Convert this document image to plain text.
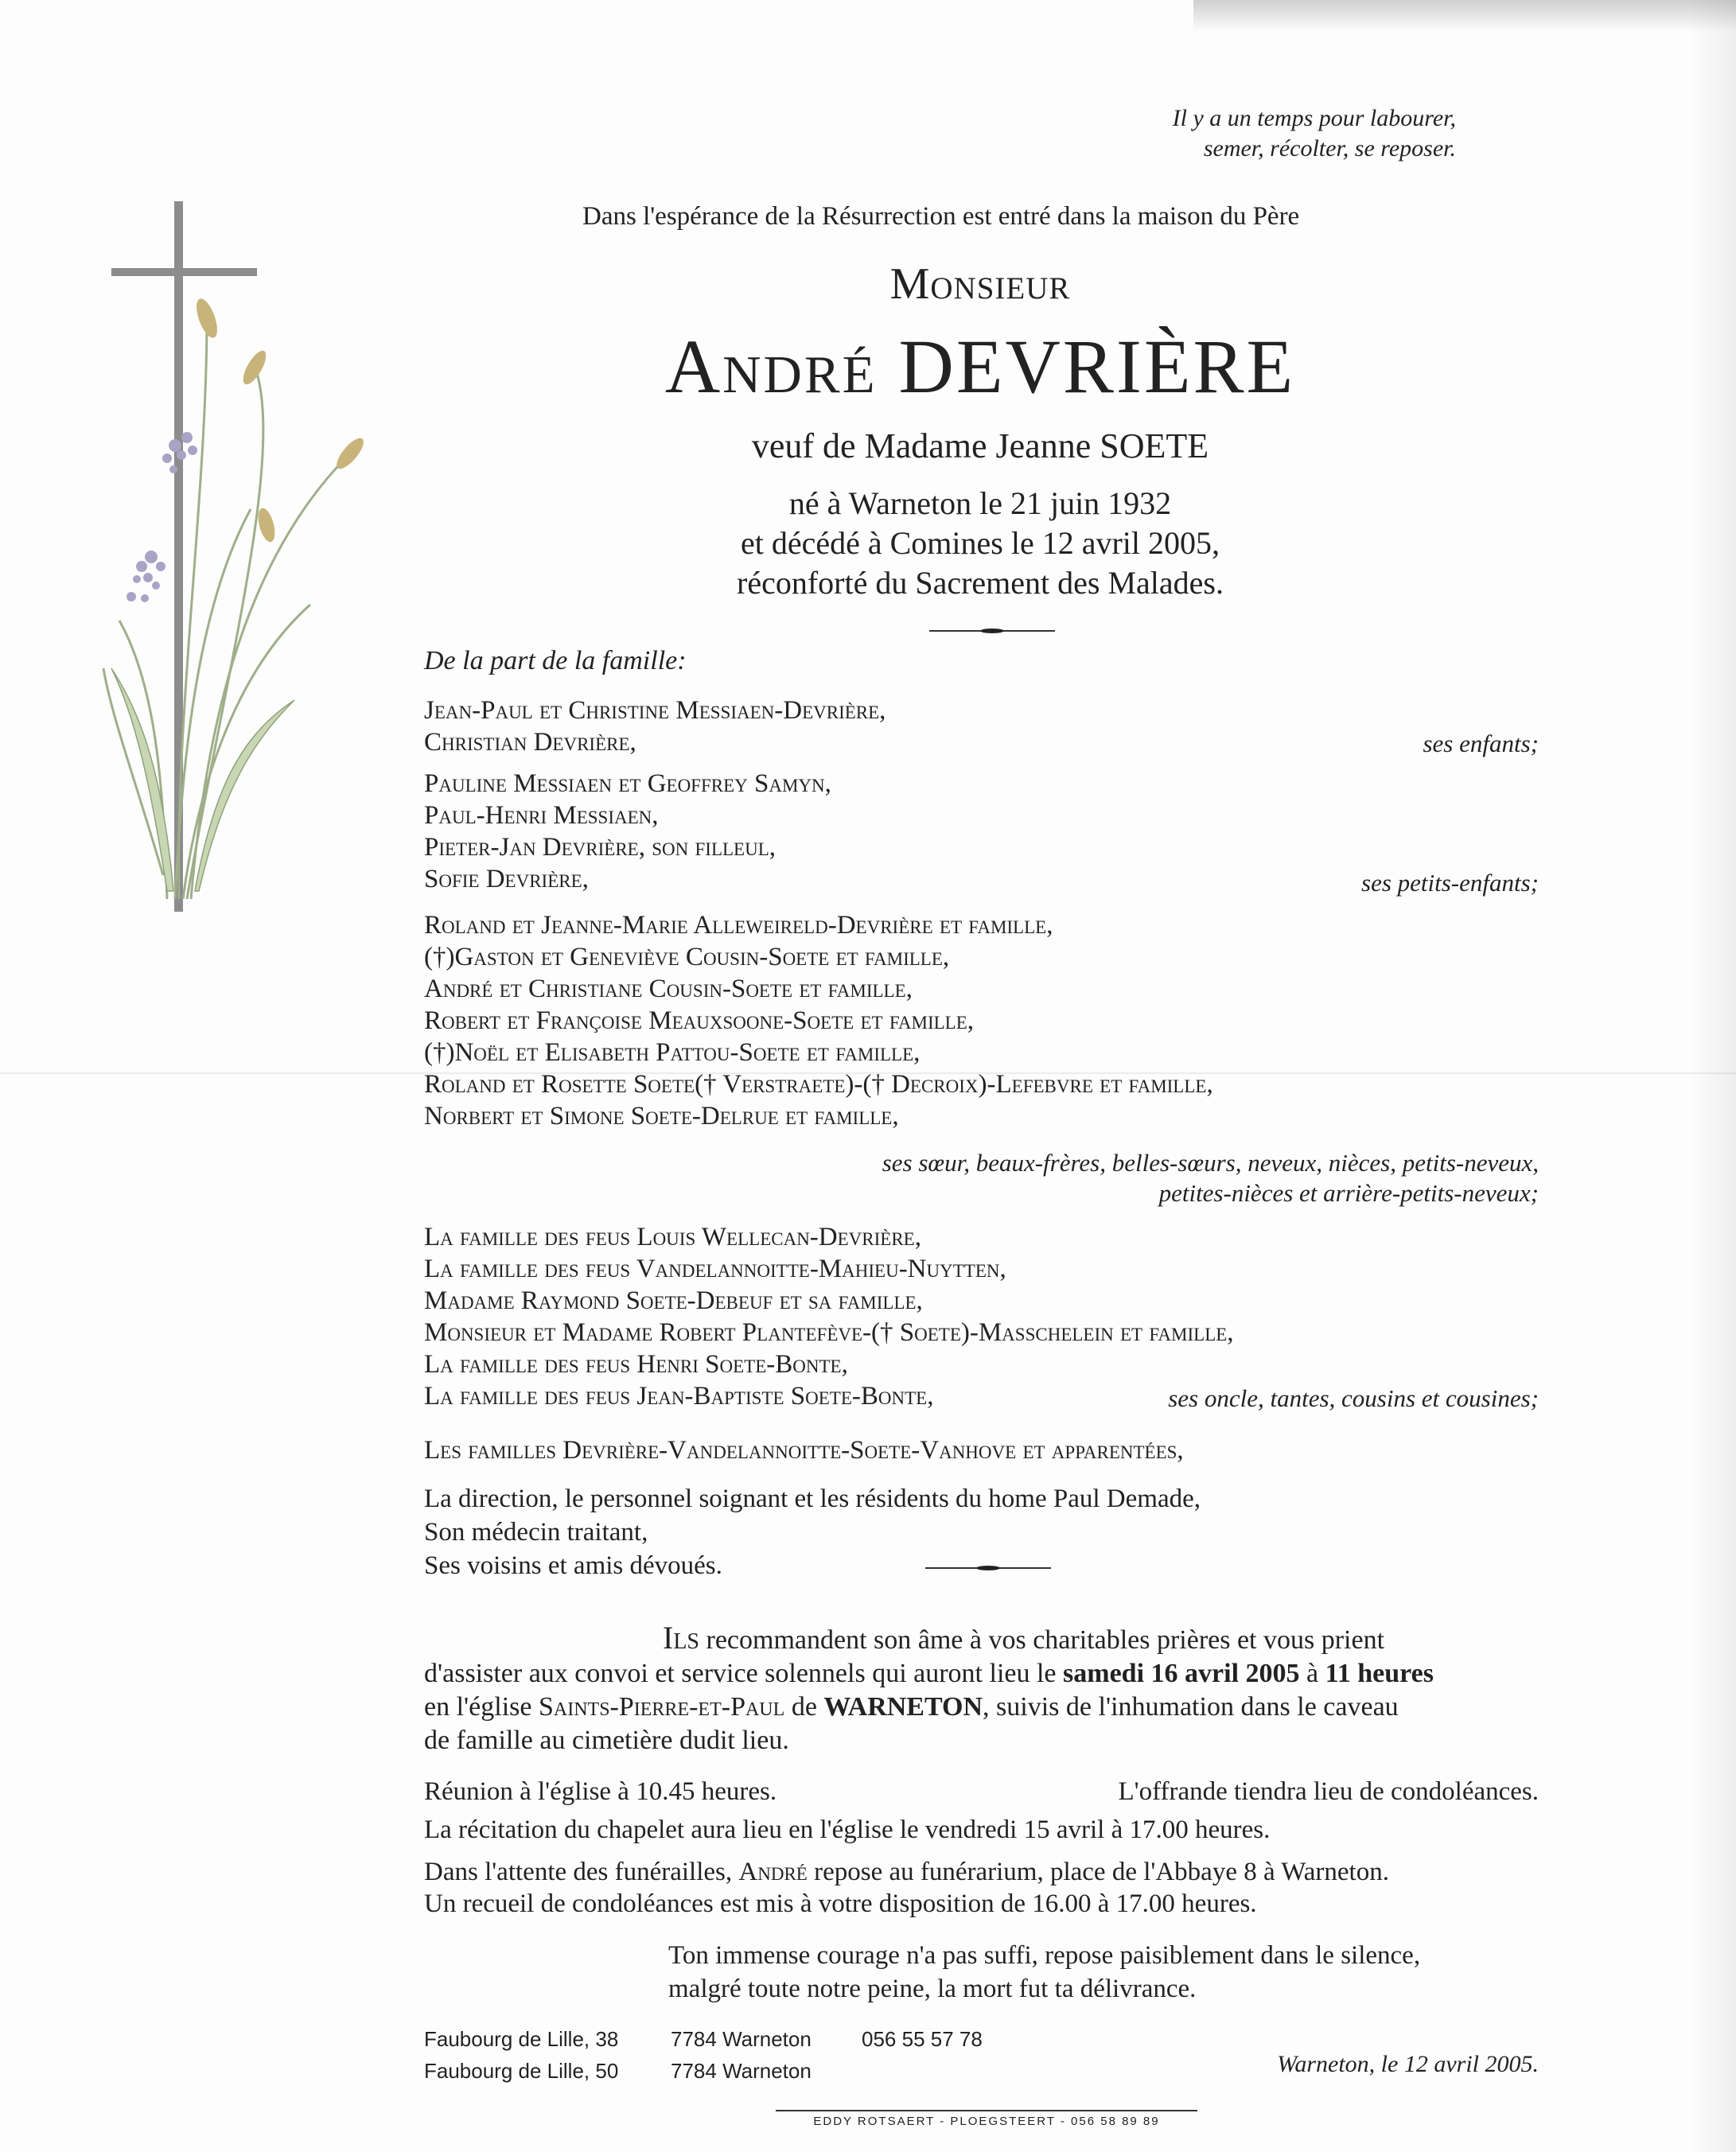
Il y a un temps pour labourer,
semer, récolter, se reposer.
Dans l'espérance de la Résurrection est entré dans la maison du Père
Monsieur
André DEVRIÈRE
veuf de Madame Jeanne SOETE
né à Warneton le 21 juin 1932
et décédé à Comines le 12 avril 2005,
réconforté du Sacrement des Malades.
De la part de la famille:
Jean-Paul et Christine Messiaen-Devrière,
Christian Devrière,	ses enfants;
Pauline Messiaen et Geoffrey Samyn,
Paul-Henri Messiaen,
Pieter-Jan Devrière, son filleul,
Sofie Devrière,	ses petits-enfants;
Roland et Jeanne-Marie Alleweireld-Devrière et famille,
(†)Gaston et Geneviève Cousin-Soete et famille,
André et Christiane Cousin-Soete et famille,
Robert et Françoise Meauxsoone-Soete et famille,
(†)Noël et Elisabeth Pattou-Soete et famille,
Roland et Rosette Soete(† Verstraete)-(† Decroix)-Lefebvre et famille,
Norbert et Simone Soete-Delrue et famille,
ses sœur, beaux-frères, belles-sœurs, neveux, nièces, petits-neveux,
petites-nièces et arrière-petits-neveux;
La famille des feus Louis Wellecan-Devrière,
La famille des feus Vandelannoitte-Mahieu-Nuytten,
Madame Raymond Soete-Debeuf et sa famille,
Monsieur et Madame Robert Plantefève-(† Soete)-Masschelein et famille,
La famille des feus Henri Soete-Bonte,
La famille des feus Jean-Baptiste Soete-Bonte,	ses oncle, tantes, cousins et cousines;
Les familles Devrière-Vandelannoitte-Soete-Vanhove et apparentées,
La direction, le personnel soignant et les résidents du home Paul Demade,
Son médecin traitant,
Ses voisins et amis dévoués.
Ils recommandent son âme à vos charitables prières et vous prient
d'assister aux convoi et service solennels qui auront lieu le samedi 16 avril 2005 à 11 heures
en l'église Saints-Pierre-et-Paul de WARNETON, suivis de l'inhumation dans le caveau
de famille au cimetière dudit lieu.
Réunion à l'église à 10.45 heures.	L'offrande tiendra lieu de condoléances.
La récitation du chapelet aura lieu en l'église le vendredi 15 avril à 17.00 heures.
Dans l'attente des funérailles, André repose au funérarium, place de l'Abbaye 8 à Warneton.
Un recueil de condoléances est mis à votre disposition de 16.00 à 17.00 heures.
Ton immense courage n'a pas suffi, repose paisiblement dans le silence,
malgré toute notre peine, la mort fut ta délivrance.
Faubourg de Lille, 38	7784 Warneton 056 55 57 78
Faubourg de Lille, 50	7784 Warneton	Warneton, le 12 avril 2005.
EDDY ROTSAERT - PLOEGSTEERT - 056 58 89 89
